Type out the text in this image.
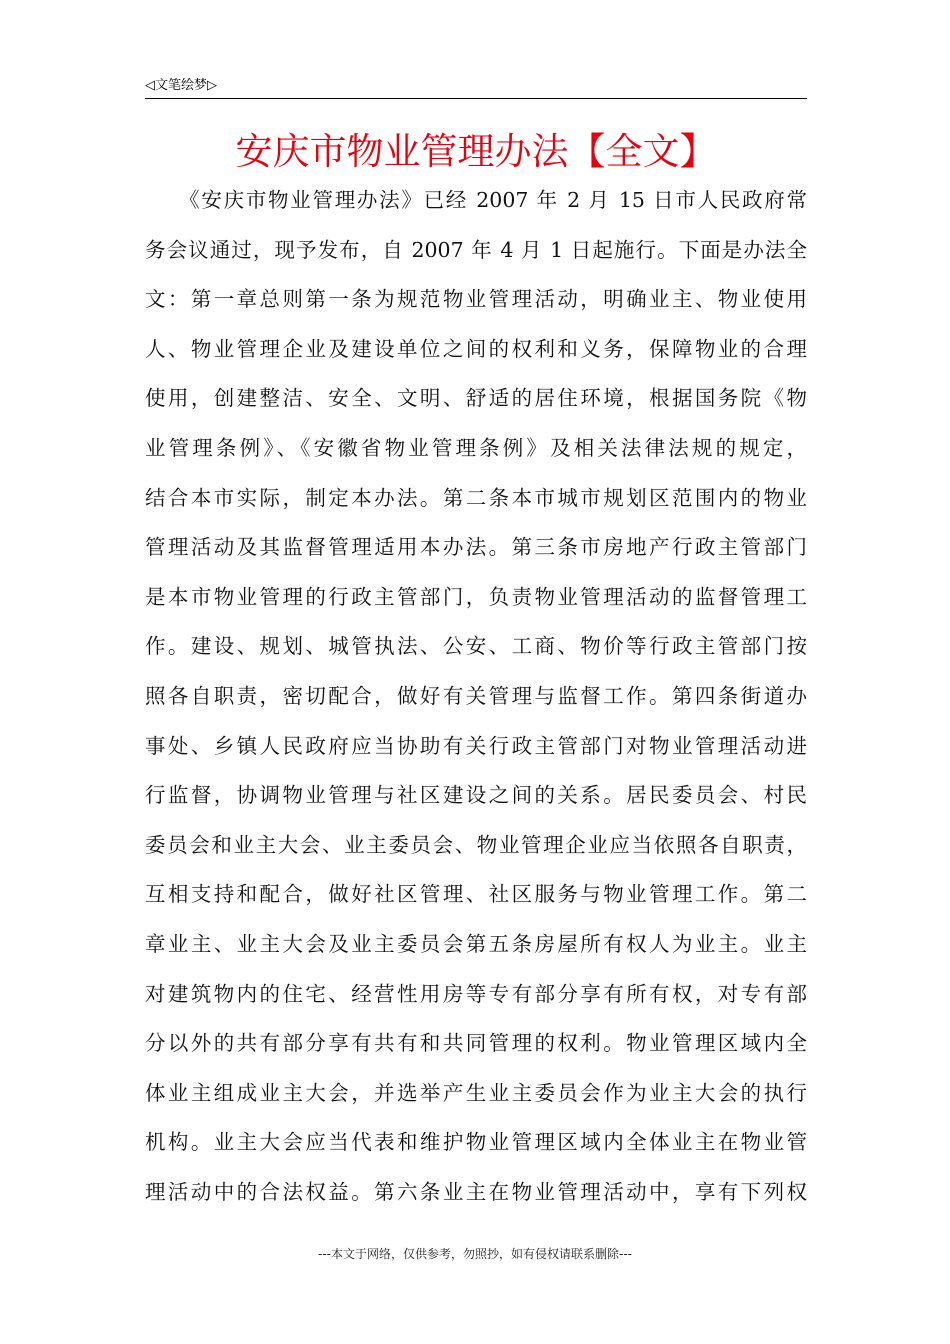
◁文笔绘梦▷
安庆市物业管理办法【全文】
　　《安庆市物业管理办法》已经 2007 年 2 月 15 日市人民政府常
务会议通过，现予发布，自 2007 年 4 月 1 日起施行。下面是办法全
文：第一章总则第一条为规范物业管理活动，明确业主、物业使用
人、物业管理企业及建设单位之间的权利和义务，保障物业的合理
使用，创建整洁、安全、文明、舒适的居住环境，根据国务院《物
业管理条例》、《安徽省物业管理条例》及相关法律法规的规定，
结合本市实际，制定本办法。第二条本市城市规划区范围内的物业
管理活动及其监督管理适用本办法。第三条市房地产行政主管部门
是本市物业管理的行政主管部门，负责物业管理活动的监督管理工
作。建设、规划、城管执法、公安、工商、物价等行政主管部门按
照各自职责，密切配合，做好有关管理与监督工作。第四条街道办
事处、乡镇人民政府应当协助有关行政主管部门对物业管理活动进
行监督，协调物业管理与社区建设之间的关系。居民委员会、村民
委员会和业主大会、业主委员会、物业管理企业应当依照各自职责，
互相支持和配合，做好社区管理、社区服务与物业管理工作。第二
章业主、业主大会及业主委员会第五条房屋所有权人为业主。业主
对建筑物内的住宅、经营性用房等专有部分享有所有权，对专有部
分以外的共有部分享有共有和共同管理的权利。物业管理区域内全
体业主组成业主大会，并选举产生业主委员会作为业主大会的执行
机构。业主大会应当代表和维护物业管理区域内全体业主在物业管
理活动中的合法权益。第六条业主在物业管理活动中，享有下列权
---本文于网络，仅供参考，勿照抄，如有侵权请联系删除---
